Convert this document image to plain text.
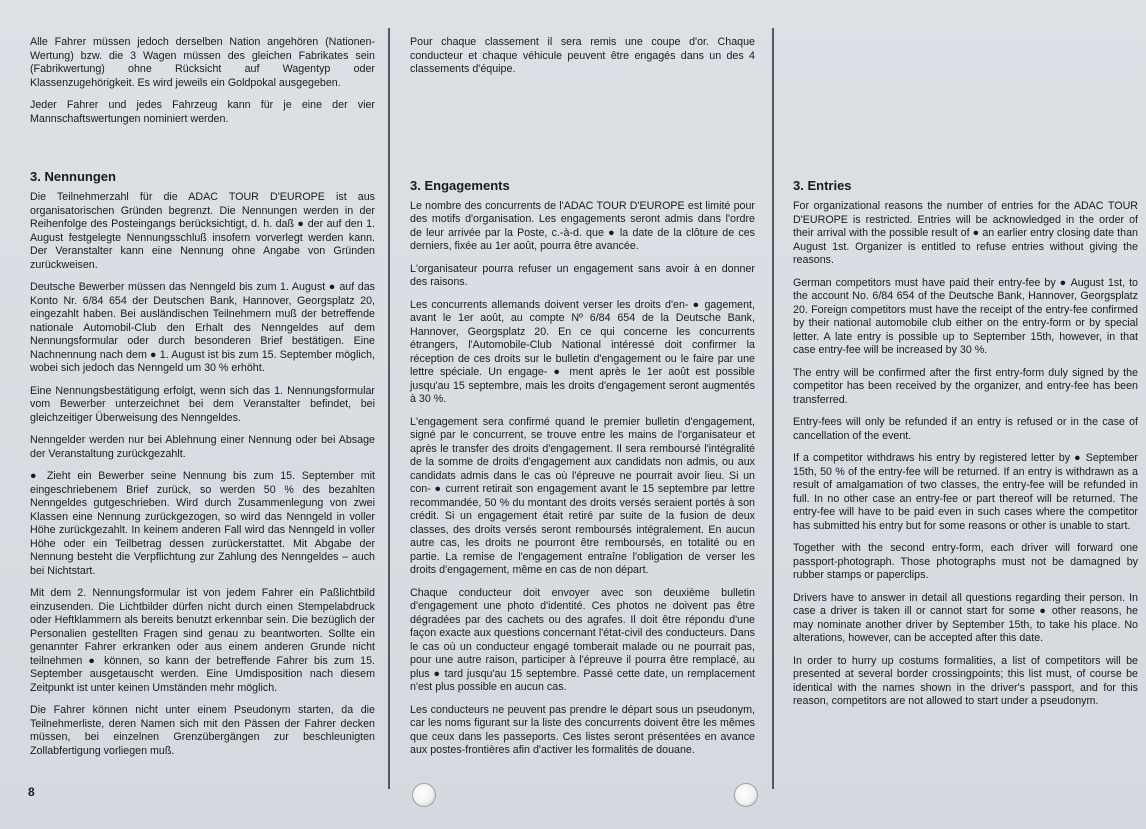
Alle Fahrer müssen jedoch derselben Nation angehören (Nationen-Wertung) bzw. die 3 Wagen müssen des gleichen Fabrikates sein (Fabrikwertung) ohne Rücksicht auf Wagentyp oder Klassenzugehörigkeit. Es wird jeweils ein Goldpokal ausgegeben.

Jeder Fahrer und jedes Fahrzeug kann für je eine der vier Mannschaftswertungen nominiert werden.

3. Nennungen

Die Teilnehmerzahl für die ADAC TOUR D'EUROPE ist aus organisatorischen Gründen begrenzt. Die Nennungen werden in der Reihenfolge des Posteingangs berücksichtigt, d. h. daß ● der auf den 1. August festgelegte Nennungsschluß insofern vorverlegt werden kann. Der Veranstalter kann eine Nennung ohne Angabe von Gründen zurückweisen.

Deutsche Bewerber müssen das Nenngeld bis zum 1. August ● auf das Konto Nr. 6/84 654 der Deutschen Bank, Hannover, Georgsplatz 20, eingezahlt haben. Bei ausländischen Teilnehmern muß der betreffende nationale Automobil-Club den Erhalt des Nenngeldes auf dem Nennungsformular oder durch besonderen Brief bestätigen. Eine Nachnennung nach dem ● 1. August ist bis zum 15. September möglich, wobei sich jedoch das Nenngeld um 30 % erhöht.

Eine Nennungsbestätigung erfolgt, wenn sich das 1. Nennungsformular vom Bewerber unterzeichnet bei dem Veranstalter befindet, bei gleichzeitiger Überweisung des Nenngeldes.

Nenngelder werden nur bei Ablehnung einer Nennung oder bei Absage der Veranstaltung zurückgezahlt.

● Zieht ein Bewerber seine Nennung bis zum 15. September mit eingeschriebenem Brief zurück, so werden 50 % des bezahlten Nenngeldes gutgeschrieben. Wird durch Zusammenlegung von zwei Klassen eine Nennung zurückgezogen, so wird das Nenngeld in voller Höhe zurückgezahlt. In keinem anderen Fall wird das Nenngeld in voller Höhe oder ein Teilbetrag dessen zurückerstattet. Mit Abgabe der Nennung besteht die Verpflichtung zur Zahlung des Nenngeldes – auch bei Nichtstart.

Mit dem 2. Nennungsformular ist von jedem Fahrer ein Paßlichtbild einzusenden. Die Lichtbilder dürfen nicht durch einen Stempelabdruck oder Heftklammern als bereits benutzt erkennbar sein. Die bezüglich der Personalien gestellten Fragen sind genau zu beantworten. Sollte ein genannter Fahrer erkranken oder aus einem anderen Grunde nicht teilnehmen ● können, so kann der betreffende Fahrer bis zum 15. September ausgetauscht werden. Eine Umdisposition nach diesem Zeitpunkt ist unter keinen Umständen mehr möglich.

Die Fahrer können nicht unter einem Pseudonym starten, da die Teilnehmerliste, deren Namen sich mit den Pässen der Fahrer decken müssen, bei einzelnen Grenzübergängen zur beschleunigten Zollabfertigung vorliegen muß.

Pour chaque classement il sera remis une coupe d'or. Chaque conducteur et chaque véhicule peuvent être engagés dans un des 4 classements d'équipe.

3. Engagements

Le nombre des concurrents de l'ADAC TOUR D'EUROPE est limité pour des motifs d'organisation. Les engagements seront admis dans l'ordre de leur arrivée par la Poste, c.-à-d. que ● la date de la clôture de ces derniers, fixée au 1er août, pourra être avancée.

L'organisateur pourra refuser un engagement sans avoir à en donner des raisons.

Les concurrents allemands doivent verser les droits d'en- ● gagement, avant le 1er août, au compte Nº 6/84 654 de la Deutsche Bank, Hannover, Georgsplatz 20. En ce qui concerne les concurrents étrangers, l'Automobile-Club National intéressé doit confirmer la réception de ces droits sur le bulletin d'engagement ou le faire par une lettre spéciale. Un engage- ● ment après le 1er août est possible jusqu'au 15 septembre, mais les droits d'engagement seront augmentés à 30 %.

L'engagement sera confirmé quand le premier bulletin d'engagement, signé par le concurrent, se trouve entre les mains de l'organisateur et après le transfer des droits d'engagement. Il sera remboursé l'intégralité de la somme de droits d'engagement aux candidats non admis, ou aux candidats admis dans le cas où l'épreuve ne pourrait avoir lieu. Si un con- ● current retirait son engagement avant le 15 septembre par lettre recommandée, 50 % du montant des droits versés seraient portés à son crédit. Si un engagement était retiré par suite de la fusion de deux classes, des droits versés seront remboursés intégralement. En aucun autre cas, les droits ne pourront être remboursés, en totalité ou en partie. La remise de l'engagement entraîne l'obligation de verser les droits d'engagement, même en cas de non départ.

Chaque conducteur doit envoyer avec son deuxième bulletin d'engagement une photo d'identité. Ces photos ne doivent pas être dégradées par des cachets ou des agrafes. Il doit être répondu d'une façon exacte aux questions concernant l'état-civil des conducteurs. Dans le cas où un conducteur engagé tomberait malade ou ne pourrait pas, pour une autre raison, participer à l'épreuve il pourra être remplacé, au plus ● tard jusqu'au 15 septembre. Passé cette date, un remplacement n'est plus possible en aucun cas.

Les conducteurs ne peuvent pas prendre le départ sous un pseudonym, car les noms figurant sur la liste des concurrents doivent être les mêmes que ceux dans les passeports. Ces listes seront présentées en avance aux postes-frontières afin d'activer les formalités de douane.

3. Entries

For organizational reasons the number of entries for the ADAC TOUR D'EUROPE is restricted. Entries will be acknowledged in the order of their arrival with the possible result of ● an earlier entry closing date than August 1st. Organizer is entitled to refuse entries without giving the reasons.

German competitors must have paid their entry-fee by ● August 1st, to the account No. 6/84 654 of the Deutsche Bank, Hannover, Georgsplatz 20. Foreign competitors must have the receipt of the entry-fee confirmed by their national automobile club either on the entry-form or by special letter. A late entry is possible up to September 15th, however, in that case entry-fee will be increased by 30 %.

The entry will be confirmed after the first entry-form duly signed by the competitor has been received by the organizer, and entry-fee has been transferred.

Entry-fees will only be refunded if an entry is refused or in the case of cancellation of the event.

If a competitor withdraws his entry by registered letter by ● September 15th, 50 % of the entry-fee will be returned. If an entry is withdrawn as a result of amalgamation of two classes, the entry-fee will be refunded in full. In no other case an entry-fee or part thereof will be returned. The entry-fee will have to be paid even in such cases where the competitor has submitted his entry but for some reasons or other is unable to start.

Together with the second entry-form, each driver will forward one passport-photograph. Those photographs must not be damagned by rubber stamps or paperclips.

Drivers have to answer in detail all questions regarding their person. In case a driver is taken ill or cannot start for some ● other reasons, he may nominate another driver by September 15th, to take his place. No alterations, however, can be accepted after this date.

In order to hurry up costums formalities, a list of competitors will be presented at several border crossingpoints; this list must, of course be identical with the names shown in the driver's passport, and for this reason, competitors are not allowed to start under a pseudonym.

8
